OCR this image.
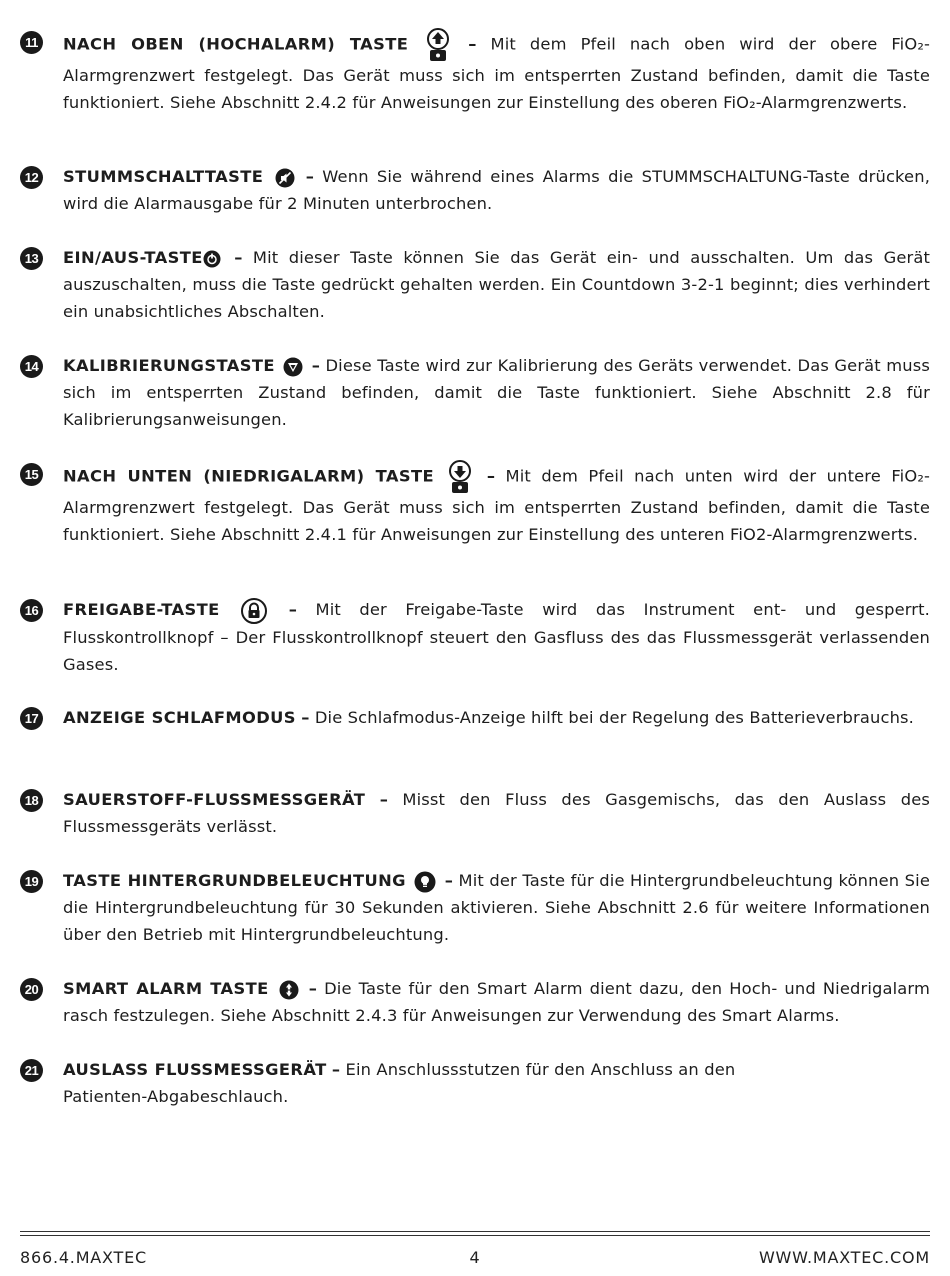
11	NACH OBEN (HOCHALARM) TASTE	– Mit dem Pfeil nach oben wird der obere FiO₂-Alarmgrenzwert festgelegt. Das Gerät muss sich im entsperrten Zustand befinden, damit die Taste funktioniert. Siehe Abschnitt 2.4.2 für Anweisungen zur Einstellung des oberen FiO₂-Alarmgrenzwerts.
12 STUMMSCHALTTASTE	– Wenn Sie während eines Alarms die STUMMSCHALTUNG-Taste drücken, wird die Alarmausgabe für 2 Minuten unterbrochen.
13 EIN/AUS-TASTE – Mit dieser Taste können Sie das Gerät ein- und ausschalten. Um das Gerät auszuschalten, muss die Taste gedrückt gehalten werden. Ein Countdown 3-2-1 beginnt; dies verhindert ein unabsichtliches Abschalten.
14 KALIBRIERUNGSTASTE – Diese Taste wird zur Kalibrierung des Geräts verwendet. Das Gerät muss sich im entsperrten Zustand befinden, damit die Taste funktioniert. Siehe Abschnitt 2.8 für Kalibrierungsanweisungen.
15 NACH UNTEN (NIEDRIGALARM) TASTE	– Mit dem Pfeil nach unten wird der untere FiO₂-Alarmgrenzwert festgelegt. Das Gerät muss sich im entsperrten Zustand befinden, damit die Taste funktioniert. Siehe Abschnitt 2.4.1 für Anweisungen zur Einstellung des unteren FiO2-Alarmgrenzwerts.
16 FREIGABE-TASTE	– Mit der Freigabe-Taste wird das Instrument ent- und gesperrt. Flusskontrollknopf – Der Flusskontrollknopf steuert den Gasfluss des das Flussmessgerät verlassenden Gases.
17 ANZEIGE SCHLAFMODUS – Die Schlafmodus-Anzeige hilft bei der Regelung des Batterieverbrauchs.
18 SAUERSTOFF-FLUSSMESSGERÄT – Misst den Fluss des Gasgemischs, das den Auslass des Flussmessgeräts verlässt.
19 TASTE HINTERGRUNDBELEUCHTUNG – Mit der Taste für die Hintergrundbeleuchtung können Sie die Hintergrundbeleuchtung für 30 Sekunden aktivieren. Siehe Abschnitt 2.6 für weitere Informationen über den Betrieb mit Hintergrundbeleuchtung.
20 SMART ALARM TASTE – Die Taste für den Smart Alarm dient dazu, den Hoch- und Niedrigalarm rasch festzulegen. Siehe Abschnitt 2.4.3 für Anweisungen zur Verwendung des Smart Alarms.
21 AUSLASS FLUSSMESSGERÄT – Ein Anschlussstutzen für den Anschluss an den Patienten-Abgabeschlauch.
866.4.MAXTEC	4	WWW.MAXTEC.COM
